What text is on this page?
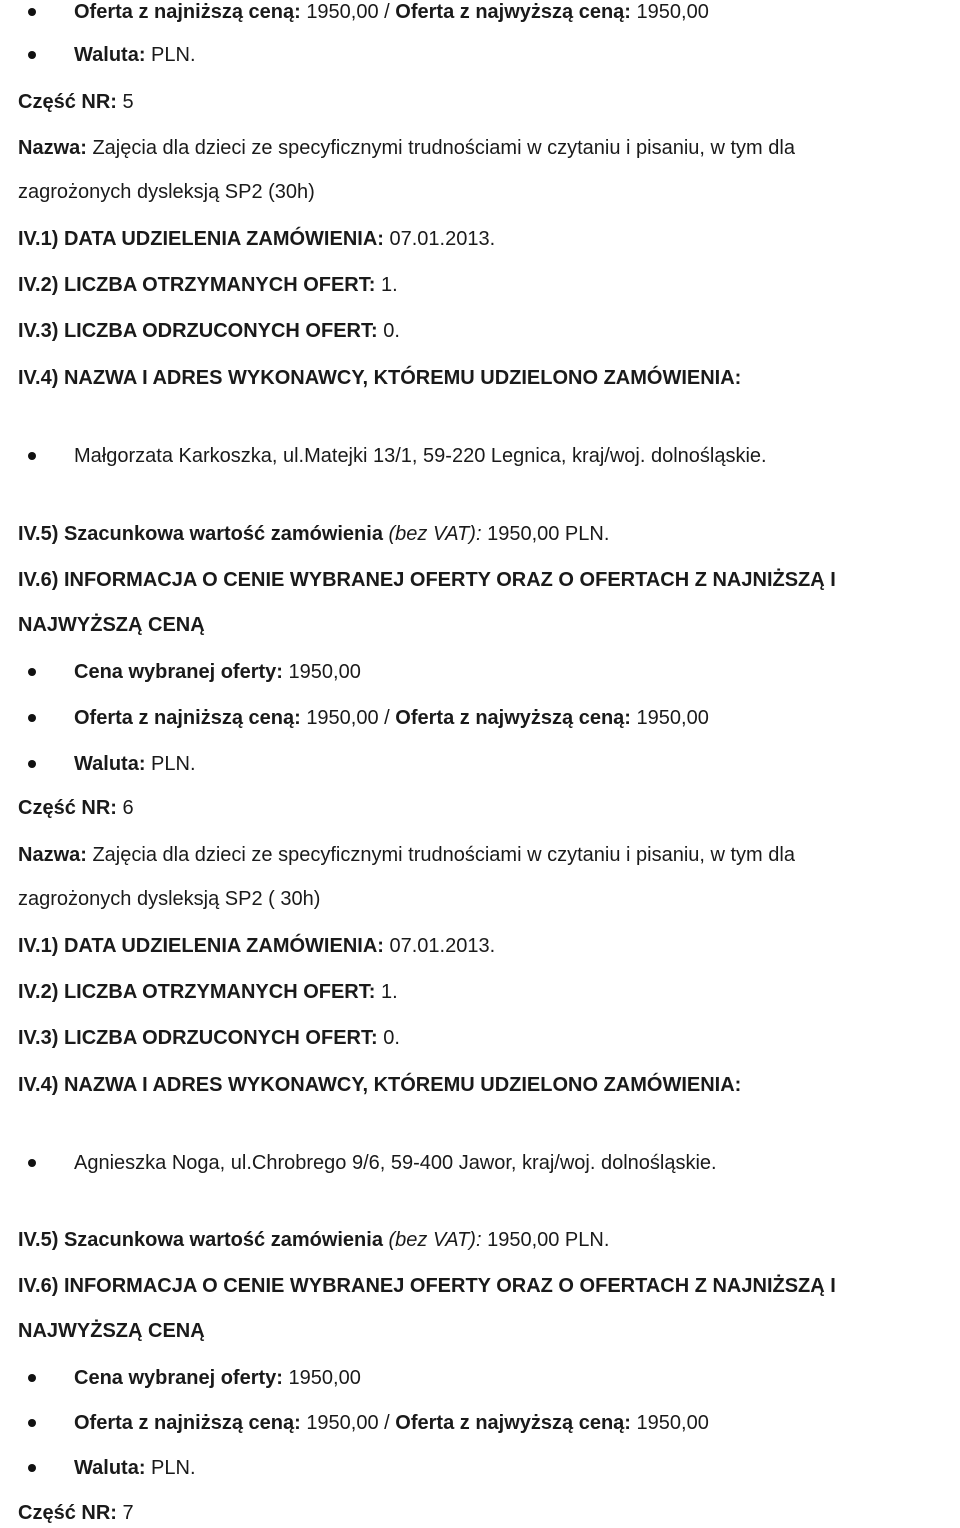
Oferta z najniższą ceną: 1950,00 / Oferta z najwyższą ceną: 1950,00

Waluta: PLN.

Część NR: 5

Nazwa: Zajęcia dla dzieci ze specyficznymi trudnościami w czytaniu i pisaniu, w tym dla

zagrożonych dysleksją SP2 (30h)

IV.1) DATA UDZIELENIA ZAMÓWIENIA: 07.01.2013.

IV.2) LICZBA OTRZYMANYCH OFERT: 1.

IV.3) LICZBA ODRZUCONYCH OFERT: 0.

IV.4) NAZWA I ADRES WYKONAWCY, KTÓREMU UDZIELONO ZAMÓWIENIA:

Małgorzata Karkoszka, ul.Matejki 13/1, 59-220 Legnica, kraj/woj. dolnośląskie.

IV.5) Szacunkowa wartość zamówienia (bez VAT): 1950,00 PLN.

IV.6) INFORMACJA O CENIE WYBRANEJ OFERTY ORAZ O OFERTACH Z NAJNIŻSZĄ I

NAJWYŻSZĄ CENĄ

Cena wybranej oferty: 1950,00

Oferta z najniższą ceną: 1950,00 / Oferta z najwyższą ceną: 1950,00

Waluta: PLN.

Część NR: 6

Nazwa: Zajęcia dla dzieci ze specyficznymi trudnościami w czytaniu i pisaniu, w tym dla

zagrożonych dysleksją SP2 ( 30h)

IV.1) DATA UDZIELENIA ZAMÓWIENIA: 07.01.2013.

IV.2) LICZBA OTRZYMANYCH OFERT: 1.

IV.3) LICZBA ODRZUCONYCH OFERT: 0.

IV.4) NAZWA I ADRES WYKONAWCY, KTÓREMU UDZIELONO ZAMÓWIENIA:

Agnieszka Noga, ul.Chrobrego 9/6, 59-400 Jawor, kraj/woj. dolnośląskie.

IV.5) Szacunkowa wartość zamówienia (bez VAT): 1950,00 PLN.

IV.6) INFORMACJA O CENIE WYBRANEJ OFERTY ORAZ O OFERTACH Z NAJNIŻSZĄ I

NAJWYŻSZĄ CENĄ

Cena wybranej oferty: 1950,00

Oferta z najniższą ceną: 1950,00 / Oferta z najwyższą ceną: 1950,00

Waluta: PLN.

Część NR: 7
